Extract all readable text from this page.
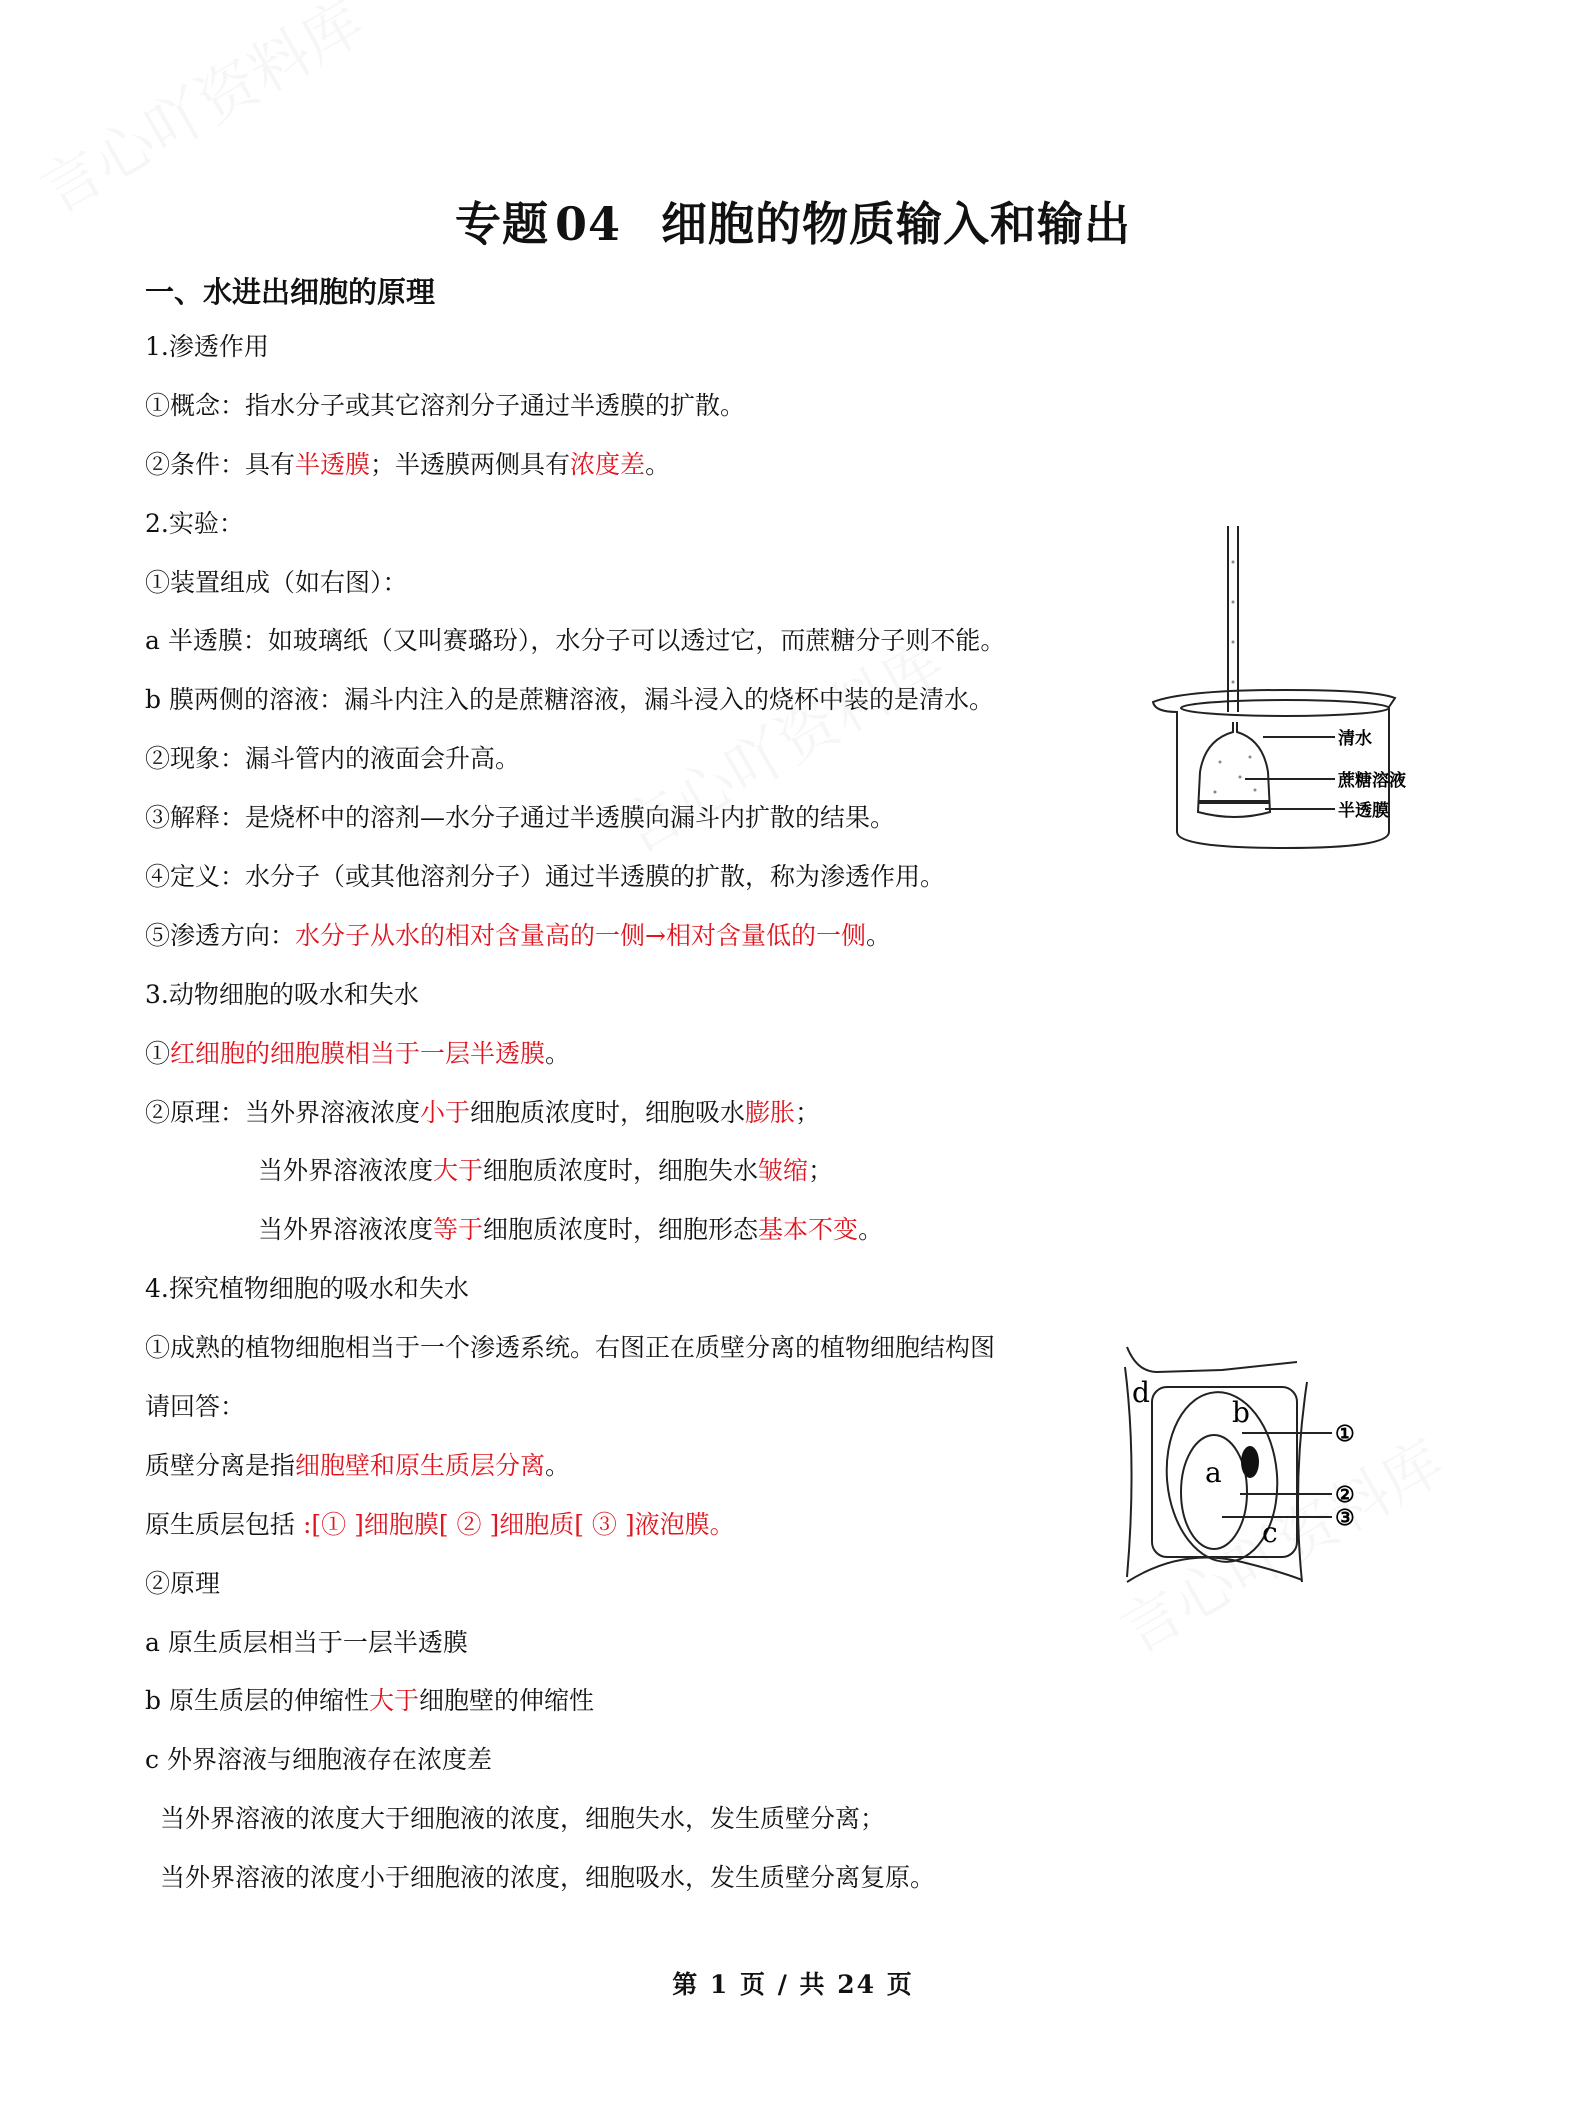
专题 04 细胞的物质输入和输出
一、水进出细胞的原理
1.渗透作用
①概念：指水分子或其它溶剂分子通过半透膜的扩散。
②条件：具有半透膜；半透膜两侧具有浓度差。
2.实验：
①装置组成（如右图）：
a 半透膜：如玻璃纸（又叫赛璐玢），水分子可以透过它，而蔗糖分子则不能。
b 膜两侧的溶液：漏斗内注入的是蔗糖溶液，漏斗浸入的烧杯中装的是清水。
②现象：漏斗管内的液面会升高。
③解释：是烧杯中的溶剂—水分子通过半透膜向漏斗内扩散的结果。
④定义：水分子（或其他溶剂分子）通过半透膜的扩散，称为渗透作用。
⑤渗透方向：水分子从水的相对含量高的一侧→相对含量低的一侧。
3.动物细胞的吸水和失水
①红细胞的细胞膜相当于一层半透膜。
②原理：当外界溶液浓度小于细胞质浓度时，细胞吸水膨胀；
当外界溶液浓度大于细胞质浓度时，细胞失水皱缩；
当外界溶液浓度等于细胞质浓度时，细胞形态基本不变。
4.探究植物细胞的吸水和失水
①成熟的植物细胞相当于一个渗透系统。右图正在质壁分离的植物细胞结构图
请回答：
质壁分离是指细胞壁和原生质层分离。
原生质层包括 :[① ]细胞膜[ ② ]细胞质[ ③ ]液泡膜。
②原理
a 原生质层相当于一层半透膜
b 原生质层的伸缩性大于细胞壁的伸缩性
c 外界溶液与细胞液存在浓度差
当外界溶液的浓度大于细胞液的浓度，细胞失水，发生质壁分离；
当外界溶液的浓度小于细胞液的浓度，细胞吸水，发生质壁分离复原。
清水
蔗糖溶液
半透膜
d
b
a
c
①
②
③
第 1 页 / 共 24 页
